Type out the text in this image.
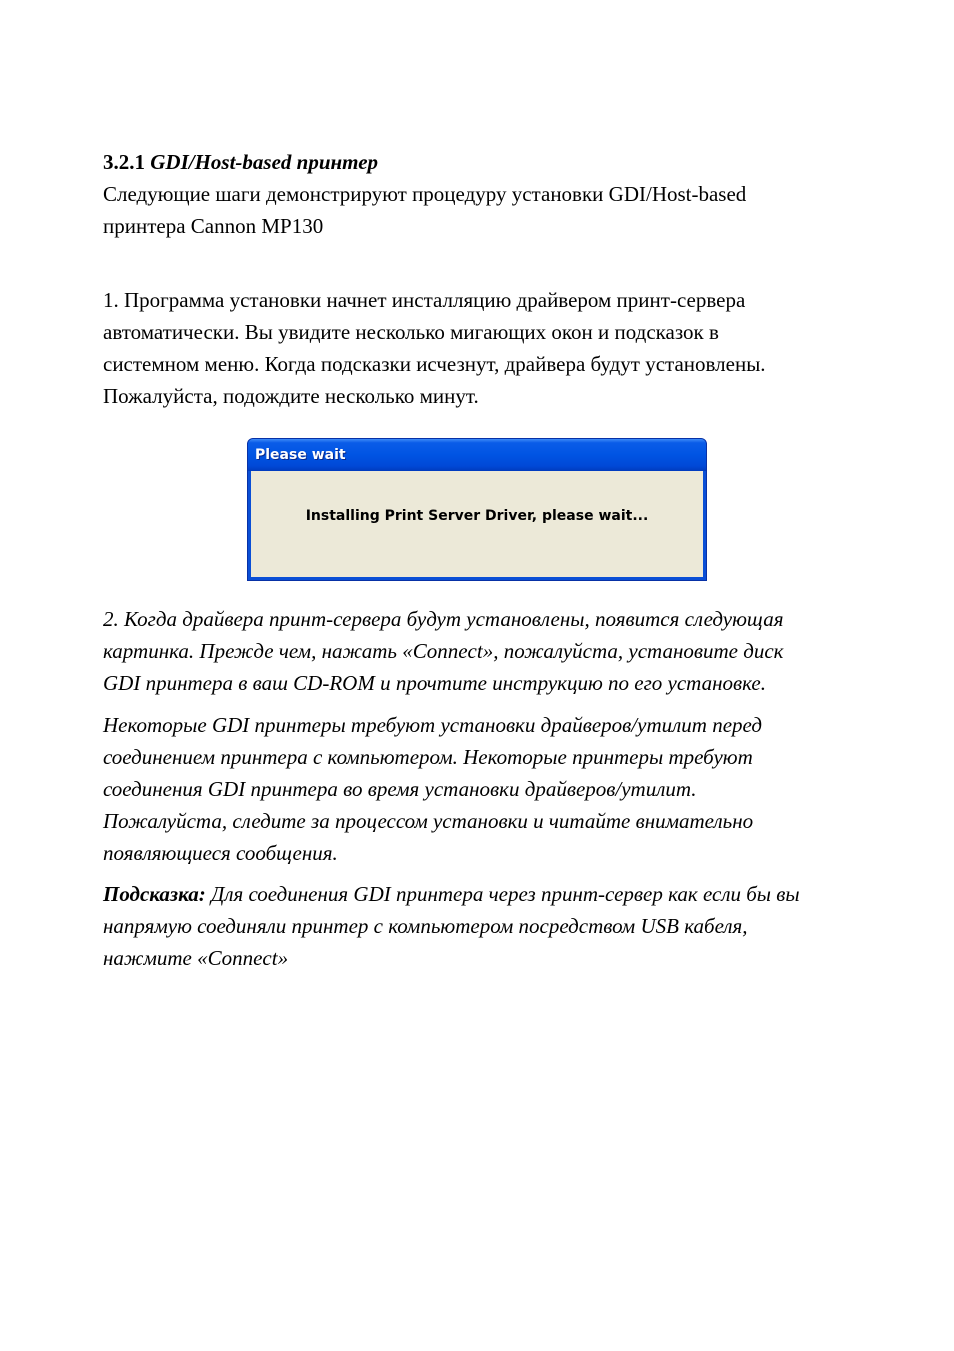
3.2.1 GDI/Host-based принтер

Следующие шаги демонстрируют процедуру установки GDI/Host-based
принтера Cannon MP130

1. Программа установки начнет инсталляцию драйвером принт-сервера
автоматически. Вы увидите несколько мигающих окон и подсказок в
системном меню. Когда подсказки исчезнут, драйвера будут установлены.
Пожалуйста, подождите несколько минут.

Please wait
Installing Print Server Driver, please wait...

2. Когда драйвера принт-сервера будут установлены, появится следующая
картинка. Прежде чем, нажать «Connect», пожалуйста, установите диск
GDI принтера в ваш CD-ROM и прочтите инструкцию по его установке.

Некоторые GDI принтеры требуют установки драйверов/утилит перед
соединением принтера с компьютером. Некоторые принтеры требуют
соединения GDI принтера во время установки драйверов/утилит.
Пожалуйста, следите за процессом установки и читайте внимательно
появляющиеся сообщения.

Подсказка: Для соединения GDI принтера через принт-сервер как если бы вы
напрямую соединяли принтер с компьютером посредством USB кабеля,
нажмите «Connect»
